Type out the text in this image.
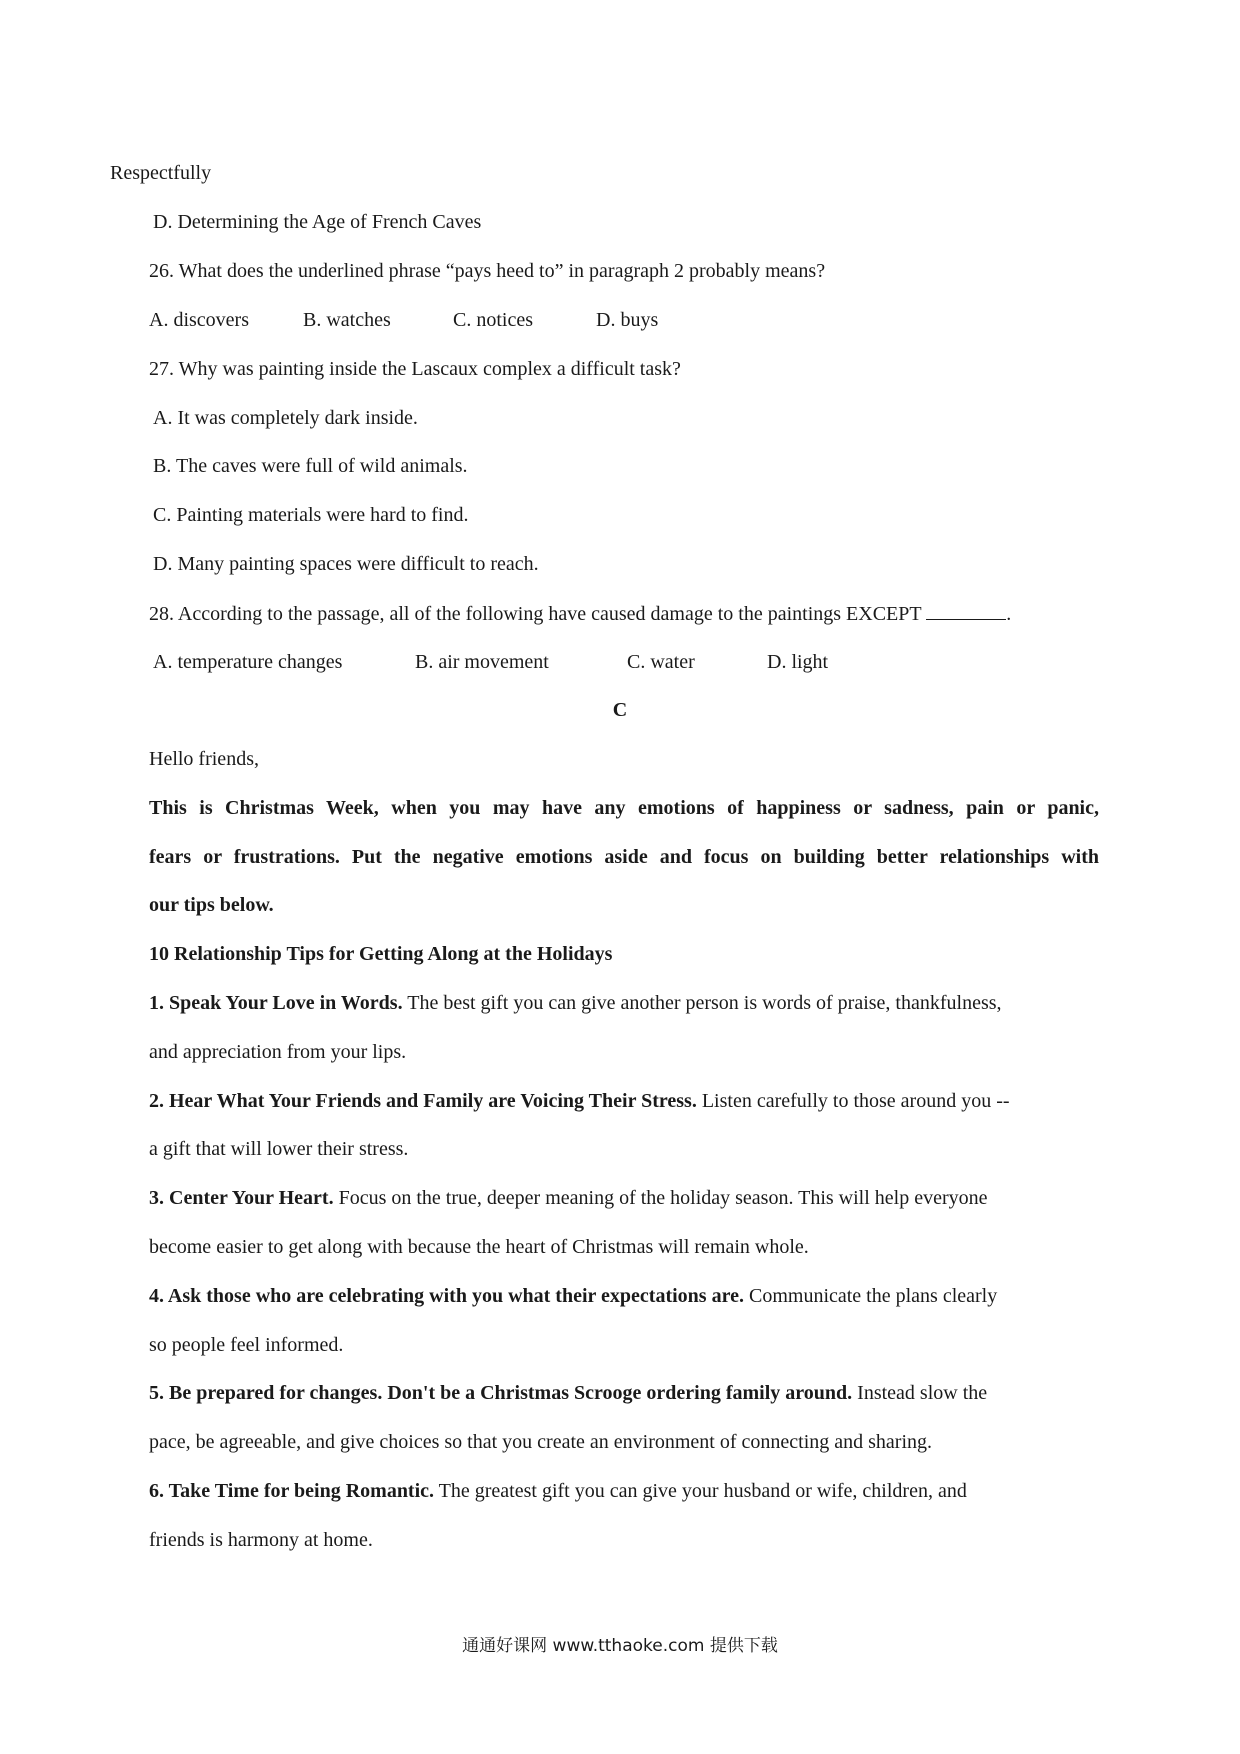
Respectfully
D. Determining the Age of French Caves
26. What does the underlined phrase “pays heed to” in paragraph 2 probably means?
A. discovers	B. watches	C. notices	D. buys
27. Why was painting inside the Lascaux complex a difficult task?
A. It was completely dark inside.
B. The caves were full of wild animals.
C. Painting materials were hard to find.
D. Many painting spaces were difficult to reach.
28. According to the passage, all of the following have caused damage to the paintings EXCEPT	.
A. temperature changes	B. air movement	C. water	D. light
C
Hello friends,
This is Christmas Week, when you may have any emotions of happiness or sadness, pain or panic,
fears or frustrations. Put the negative emotions aside and focus on building better relationships with
our tips below.
10 Relationship Tips for Getting Along at the Holidays
1. Speak Your Love in Words. The best gift you can give another person is words of praise, thankfulness,
and appreciation from your lips.
2. Hear What Your Friends and Family are Voicing Their Stress. Listen carefully to those around you --
a gift that will lower their stress.
3. Center Your Heart. Focus on the true, deeper meaning of the holiday season. This will help everyone
become easier to get along with because the heart of Christmas will remain whole.
4. Ask those who are celebrating with you what their expectations are. Communicate the plans clearly
so people feel informed.
5. Be prepared for changes. Don't be a Christmas Scrooge ordering family around. Instead slow the
pace, be agreeable, and give choices so that you create an environment of connecting and sharing.
6. Take Time for being Romantic. The greatest gift you can give your husband or wife, children, and
friends is harmony at home.
通通好课网 www.tthaoke.com 提供下载
